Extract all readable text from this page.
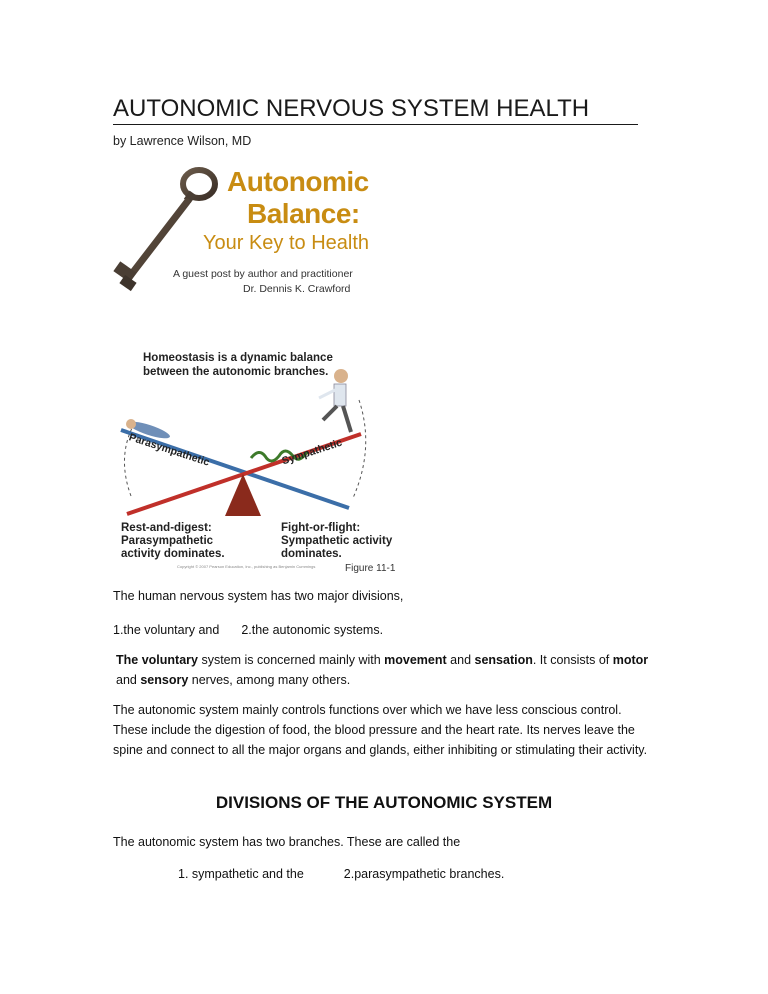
AUTONOMIC NERVOUS SYSTEM HEALTH
by Lawrence Wilson, MD
Autonomic
Balance:
Your Key to Health
A guest post by author and practitioner
Dr. Dennis K. Crawford
Homeostasis is a dynamic balance
between the autonomic branches.
Parasympathetic	Sympathetic
Rest-and-digest:
Parasympathetic
activity dominates.
Fight-or-flight:
Sympathetic activity
dominates.
Copyright © 2007 Pearson Education, Inc., publishing as Benjamin Cummings	Figure 11-1
The human nervous system has two major divisions,
1.the voluntary and 2.the autonomic systems.
The voluntary system is concerned mainly with movement and sensation. It consists of motor and sensory nerves, among many others.
The autonomic system mainly controls functions over which we have less conscious control. These include the digestion of food, the blood pressure and the heart rate. Its nerves leave the spine and connect to all the major organs and glands, either inhibiting or stimulating their activity.
DIVISIONS OF THE AUTONOMIC SYSTEM
The autonomic system has two branches. These are called the
1. sympathetic and the	2.parasympathetic branches.
